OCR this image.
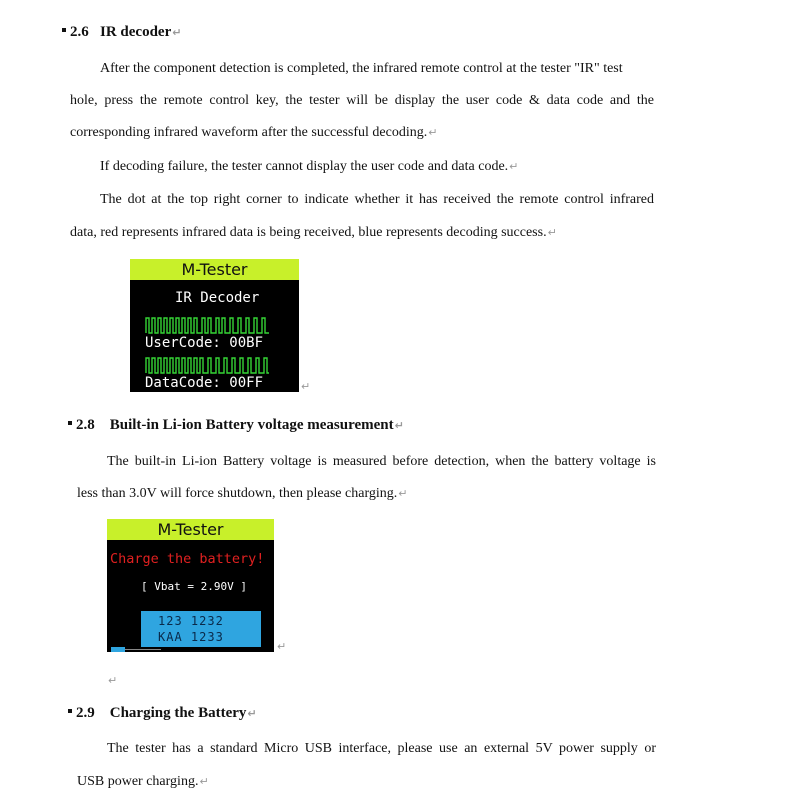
2.6 IR decoder↵
After the component detection is completed, the infrared remote control at the tester "IR" test
hole, press the remote control key, the tester will be display the user code & data code and the
corresponding infrared waveform after the successful decoding.↵
If decoding failure, the tester cannot display the user code and data code.↵
The dot at the top right corner to indicate whether it has received the remote control infrared
data, red represents infrared data is being received, blue represents decoding success.↵
M-Tester
IR Decoder
UserCode: 00BF
DataCode: 00FF	↵
2.8 Built-in Li-ion Battery voltage measurement↵
The built-in Li-ion Battery voltage is measured before detection, when the battery voltage is
less than 3.0V will force shutdown, then please charging.↵
M-Tester
Charge the battery!
[ Vbat = 2.90V ]
123 1232
KAA 1233
↵
↵
2.9 Charging the Battery↵
The tester has a standard Micro USB interface, please use an external 5V power supply or
USB power charging.↵
